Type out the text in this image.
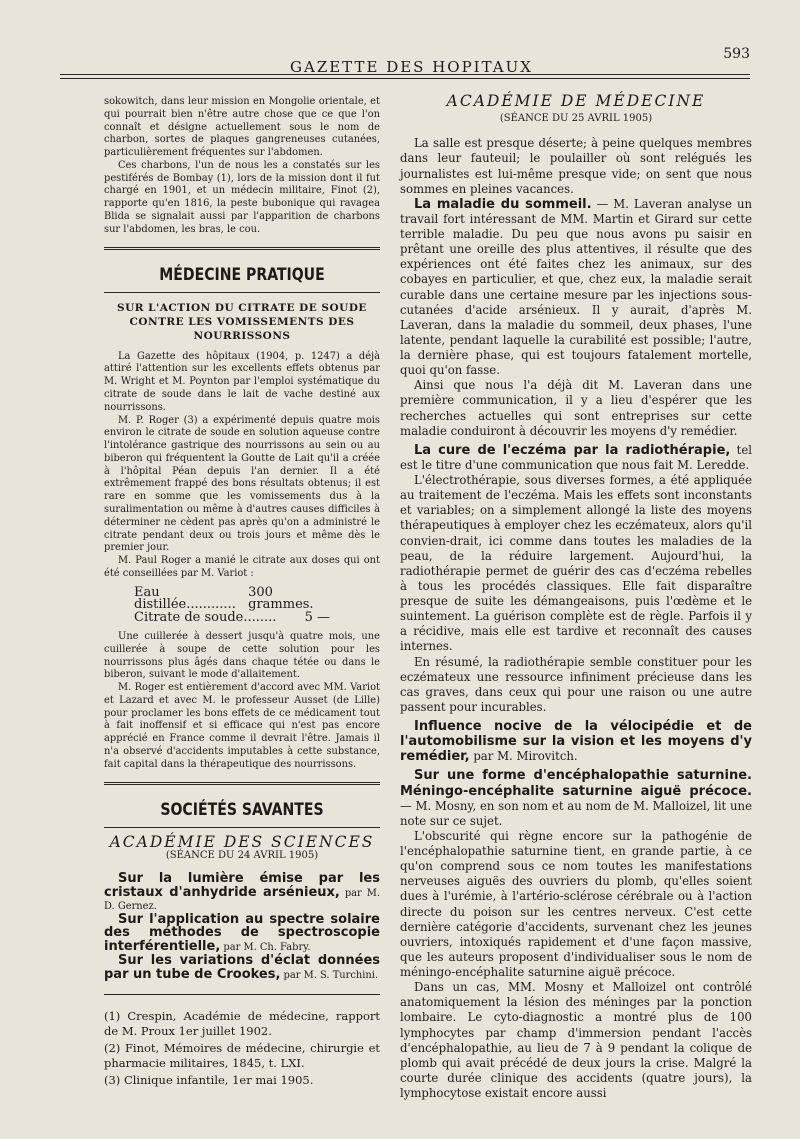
GAZETTE DES HOPITAUX
593

sokowitch, dans leur mission en Mongolie orientale, et qui pourrait bien n'être autre chose que ce que l'on connaît et désigne actuellement sous le nom de charbon, sortes de plaques gangreneuses cutanées, particulièrement fréquentes sur l'abdomen.

Ces charbons, l'un de nous les a constatés sur les pestiférés de Bombay (1), lors de la mission dont il fut chargé en 1901, et un médecin militaire, Finot (2), rapporte qu'en 1816, la peste bubonique qui ravagea Blida se signalait aussi par l'apparition de charbons sur l'abdomen, les bras, le cou.

MÉDECINE PRATIQUE
SUR L'ACTION DU CITRATE DE SOUDE CONTRE LES VOMISSEMENTS DES NOURRISSONS

La Gazette des hôpitaux (1904, p. 1247) a déjà attiré l'attention sur les excellents effets obtenus par M. Wright et M. Poynton par l'emploi systématique du citrate de soude dans le lait de vache destiné aux nourrissons.

M. P. Roger (3) a expérimenté depuis quatre mois environ le citrate de soude en solution aqueuse contre l'intolérance gastrique des nourrissons au sein ou au biberon qui fréquentent la Goutte de Lait qu'il a créée à l'hôpital Péan depuis l'an dernier. Il a été extrêmement frappé des bons résultats obtenus; il est rare en somme que les vomissements dus à la suralimentation ou même à d'autres causes difficiles à déterminer ne cèdent pas après qu'on a administré le citrate pendant deux ou trois jours et même dès le premier jour.

M. Paul Roger a manié le citrate aux doses qui ont été conseillées par M. Variot :

Eau distillée............
300 grammes.
Citrate de soude........ 5 —

Une cuillerée à dessert jusqu'à quatre mois, une cuillerée à soupe de cette solution pour les nourrissons plus âgés dans chaque tétée ou dans le biberon, suivant le mode d'allaitement.

M. Roger est entièrement d'accord avec MM. Variot et Lazard et avec M. le professeur Ausset (de Lille) pour proclamer les bons effets de ce médicament tout à fait inoffensif et si efficace qui n'est pas encore apprécié en France comme il devrait l'être. Jamais il n'a observé d'accidents imputables à cette substance, fait capital dans la thérapeutique des nourrissons.

SOCIÉTÉS SAVANTES
ACADÉMIE DES SCIENCES
(SÉANCE DU 24 AVRIL 1905)

Sur la lumière émise par les cristaux d'anhydride arsénieux, par M. D. Gernez.

Sur l'application au spectre solaire des méthodes de spectroscopie interférentielle, par M. Ch. Fabry.

Sur les variations d'éclat données par un tube de Crookes, par M. S. Turchini.

(1) Crespin, Académie de médecine, rapport de M. Proux 1er juillet 1902.

(2) Finot, Mémoires de médecine, chirurgie et pharmacie militaires, 1845, t. LXI.

(3) Clinique infantile, 1er mai 1905.

ACADÉMIE DE MÉDECINE
(SÉANCE DU 25 AVRIL 1905)

La salle est presque déserte; à peine quelques membres dans leur fauteuil; le poulailler où sont relégués les journalistes est lui-même presque vide; on sent que nous sommes en pleines vacances.

La maladie du sommeil. — M. Laveran analyse un travail fort intéressant de MM. Martin et Girard sur cette terrible maladie. Du peu que nous avons pu saisir en prêtant une oreille des plus attentives, il résulte que des expériences ont été faites chez les animaux, sur des cobayes en particulier, et que, chez eux, la maladie serait curable dans une certaine mesure par les injections sous-cutanées d'acide arsénieux. Il y aurait, d'après M. Laveran, dans la maladie du sommeil, deux phases, l'une latente, pendant laquelle la curabilité est possible; l'autre, la dernière phase, qui est toujours fatalement mortelle, quoi qu'on fasse.

Ainsi que nous l'a déjà dit M. Laveran dans une première communication, il y a lieu d'espérer que les recherches actuelles qui sont entreprises sur cette maladie conduiront à découvrir les moyens d'y remédier.

La cure de l'eczéma par la radiothérapie, tel est le titre d'une communication que nous fait M. Leredde.

L'électrothérapie, sous diverses formes, a été appliquée au traitement de l'eczéma. Mais les effets sont inconstants et variables; on a simplement allongé la liste des moyens thérapeutiques à employer chez les eczémateux, alors qu'il convien-drait, ici comme dans toutes les maladies de la peau, de la réduire largement. Aujourd'hui, la radiothérapie permet de guérir des cas d'eczéma rebelles à tous les procédés classiques. Elle fait disparaître presque de suite les démangeaisons, puis l'œdème et le suintement. La guérison complète est de règle. Parfois il y a récidive, mais elle est tardive et reconnaît des causes internes.

En résumé, la radiothérapie semble constituer pour les eczémateux une ressource infiniment précieuse dans les cas graves, dans ceux qui pour une raison ou une autre passent pour incurables.

Influence nocive de la vélocipédie et de l'automobilisme sur la vision et les moyens d'y remédier, par M. Mirovitch.

Sur une forme d'encéphalopathie saturnine. Méningo-encéphalite saturnine aiguë précoce. — M. Mosny, en son nom et au nom de M. Malloizel, lit une note sur ce sujet.

L'obscurité qui règne encore sur la pathogénie de l'encéphalopathie saturnine tient, en grande partie, à ce qu'on comprend sous ce nom toutes les manifestations nerveuses aiguës des ouvriers du plomb, qu'elles soient dues à l'urémie, à l'artério-sclérose cérébrale ou à l'action directe du poison sur les centres nerveux. C'est cette dernière catégorie d'accidents, survenant chez les jeunes ouvriers, intoxiqués rapidement et d'une façon massive, que les auteurs proposent d'individualiser sous le nom de méningo-encéphalite saturnine aiguë précoce.

Dans un cas, MM. Mosny et Malloizel ont contrôlé anatomiquement la lésion des méninges par la ponction lombaire. Le cyto-diagnostic a montré plus de 100 lymphocytes par champ d'immersion pendant l'accès d'encéphalopathie, au lieu de 7 à 9 pendant la colique de plomb qui avait précédé de deux jours la crise. Malgré la courte durée clinique des accidents (quatre jours), la lymphocytose existait encore aussi
